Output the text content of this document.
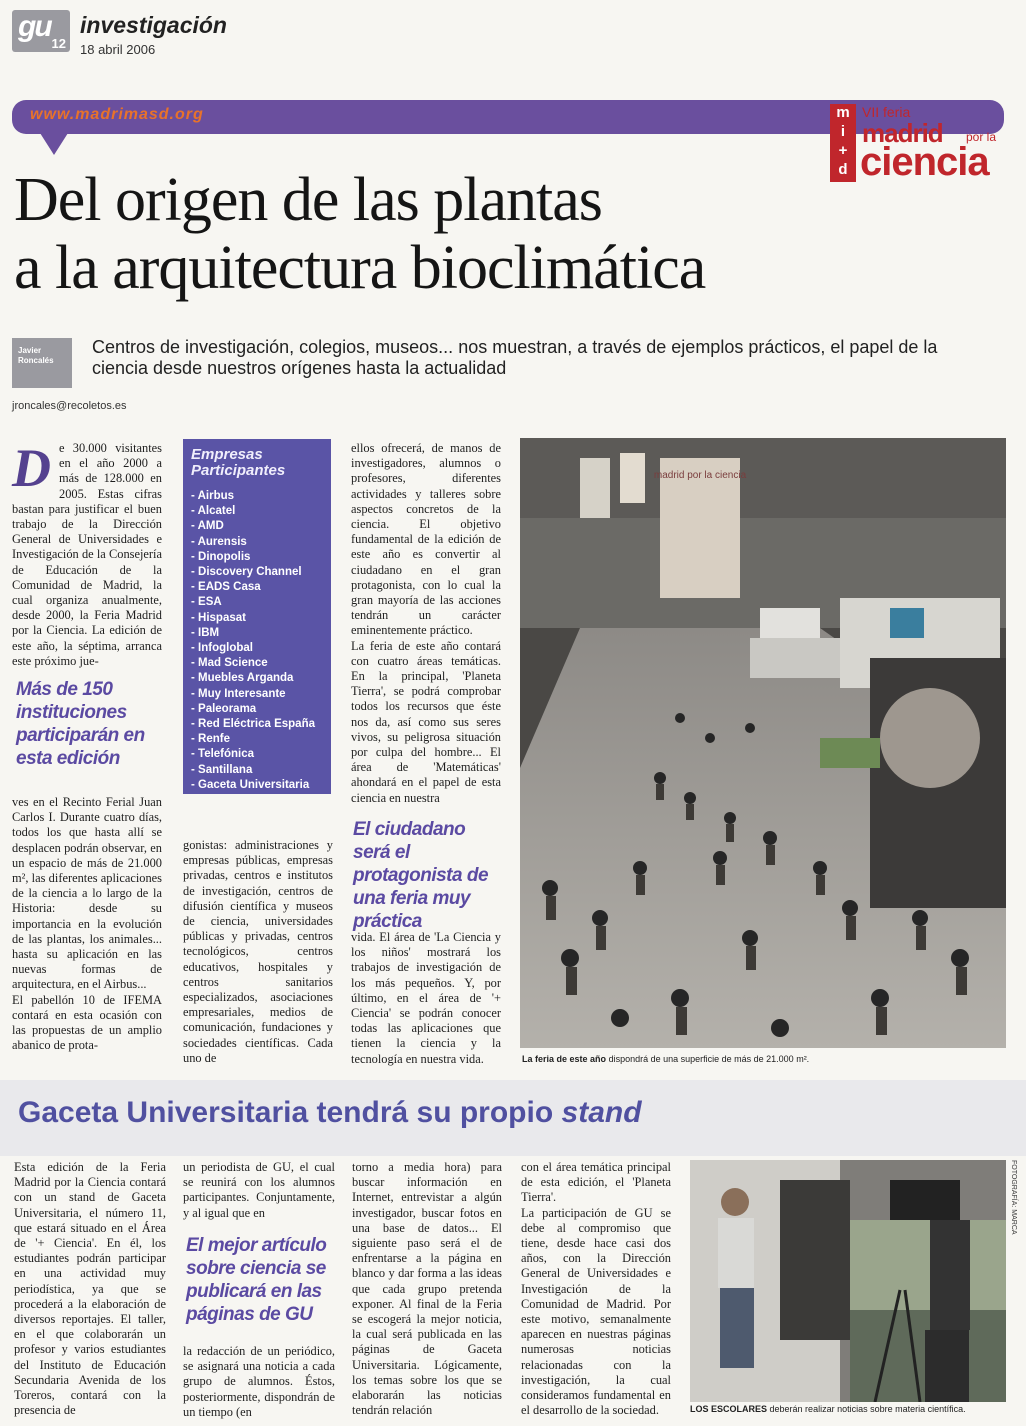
gu
12
investigación
18 abril 2006
www.madrimasd.org	m
i
+
d
VII feria
madrid por la
ciencia
Del origen de las plantas
a la arquitectura bioclimática
Javier
Roncalés
jroncales@recoletos.es
Centros de investigación, colegios, museos... nos muestran, a través de ejemplos prácticos, el papel de la ciencia desde nuestros orígenes hasta la actualidad
D e 30.000 visitantes en el año 2000 a más de 128.000 en 2005. Estas cifras bastan para justificar el buen trabajo de la Dirección General de Universidades e Investigación de la Consejería de Educación de la Comunidad de Madrid, la cual organiza anualmente, desde 2000, la Feria Madrid por la Ciencia. La edición de este año, la séptima, arranca este próximo jue-
Más de 150 instituciones participarán en esta edición

ves en el Recinto Ferial Juan Carlos I. Durante cuatro días, todos los que hasta allí se desplacen podrán observar, en un espacio de más de 21.000 m², las diferentes aplicaciones de la ciencia a lo largo de la Historia: desde su importancia en la evolución de las plantas, los animales... hasta su aplicación en las nuevas formas de arquitectura, en el Airbus...

El pabellón 10 de IFEMA contará en esta ocasión con las propuestas de un amplio abanico de prota-

Empresas
Participantes
- Airbus
- Alcatel
- AMD
- Aurensis
- Dinopolis
- Discovery Channel
- EADS Casa
- ESA
- Hispasat
- IBM
- Infoglobal
- Mad Science
- Muebles Arganda
- Muy Interesante
- Paleorama
- Red Eléctrica España
- Renfe
- Telefónica
- Santillana
- Gaceta Universitaria
gonistas: administraciones y empresas públicas, empresas privadas, centros e institutos de investigación, centros de difusión científica y museos de ciencia, universidades públicas y privadas, centros tecnológicos, centros educativos, hospitales y centros sanitarios especializados, asociaciones empresariales, medios de comunicación, fundaciones y sociedades científicas. Cada uno de

ellos ofrecerá, de manos de investigadores, alumnos o profesores, diferentes actividades y talleres sobre aspectos concretos de la ciencia. El objetivo fundamental de la edición de este año es convertir al ciudadano en el gran protagonista, con lo cual la gran mayoría de las acciones tendrán un carácter eminentemente práctico.

La feria de este año contará con cuatro áreas temáticas. En la principal, 'Planeta Tierra', se podrá comprobar todos los recursos que éste nos da, así como sus seres vivos, su peligrosa situación por culpa del hombre... El área de 'Matemáticas' ahondará en el papel de esta ciencia en nuestra

El ciudadano será el protagonista de una feria muy práctica
vida. El área de 'La Ciencia y los niños' mostrará los trabajos de investigación de los más pequeños. Y, por último, en el área de '+ Ciencia' se podrán conocer todas las aplicaciones que tienen la ciencia y la tecnología en nuestra vida.
madrid por la ciencia
La feria de este año dispondrá de una superficie de más de 21.000 m².
Gaceta Universitaria tendrá su propio stand
Esta edición de la Feria Madrid por la Ciencia contará con un stand de Gaceta Universitaria, el número 11, que estará situado en el Área de '+ Ciencia'. En él, los estudiantes podrán participar en una actividad muy periodística, ya que se procederá a la elaboración de diversos reportajes. El taller, en el que colaborarán un profesor y varios estudiantes del Instituto de Educación Secundaria Avenida de los Toreros, contará con la presencia de
un periodista de GU, el cual se reunirá con los alumnos participantes. Conjuntamente, y al igual que en
El mejor artículo sobre ciencia se publicará en las páginas de GU
la redacción de un periódico, se asignará una noticia a cada grupo de alumnos. Éstos, posteriormente, dispondrán de un tiempo (en
torno a media hora) para buscar información en Internet, entrevistar a algún investigador, buscar fotos en una base de datos... El siguiente paso será el de enfrentarse a la página en blanco y dar forma a las ideas que cada grupo pretenda exponer. Al final de la Feria se escogerá la mejor noticia, la cual será publicada en las páginas de Gaceta Universitaria. Lógicamente, los temas sobre los que se elaborarán las noticias tendrán relación

con el área temática principal de esta edición, el 'Planeta Tierra'.

La participación de GU se debe al compromiso que tiene, desde hace casi dos años, con la Dirección General de Universidades e Investigación de la Comunidad de Madrid. Por este motivo, semanalmente aparecen en nuestras páginas numerosas noticias relacionadas con la investigación, la cual consideramos fundamental en el desarrollo de la sociedad.

FOTOGRAFÍA: MARCA
LOS ESCOLARES deberán realizar noticias sobre materia científica.
